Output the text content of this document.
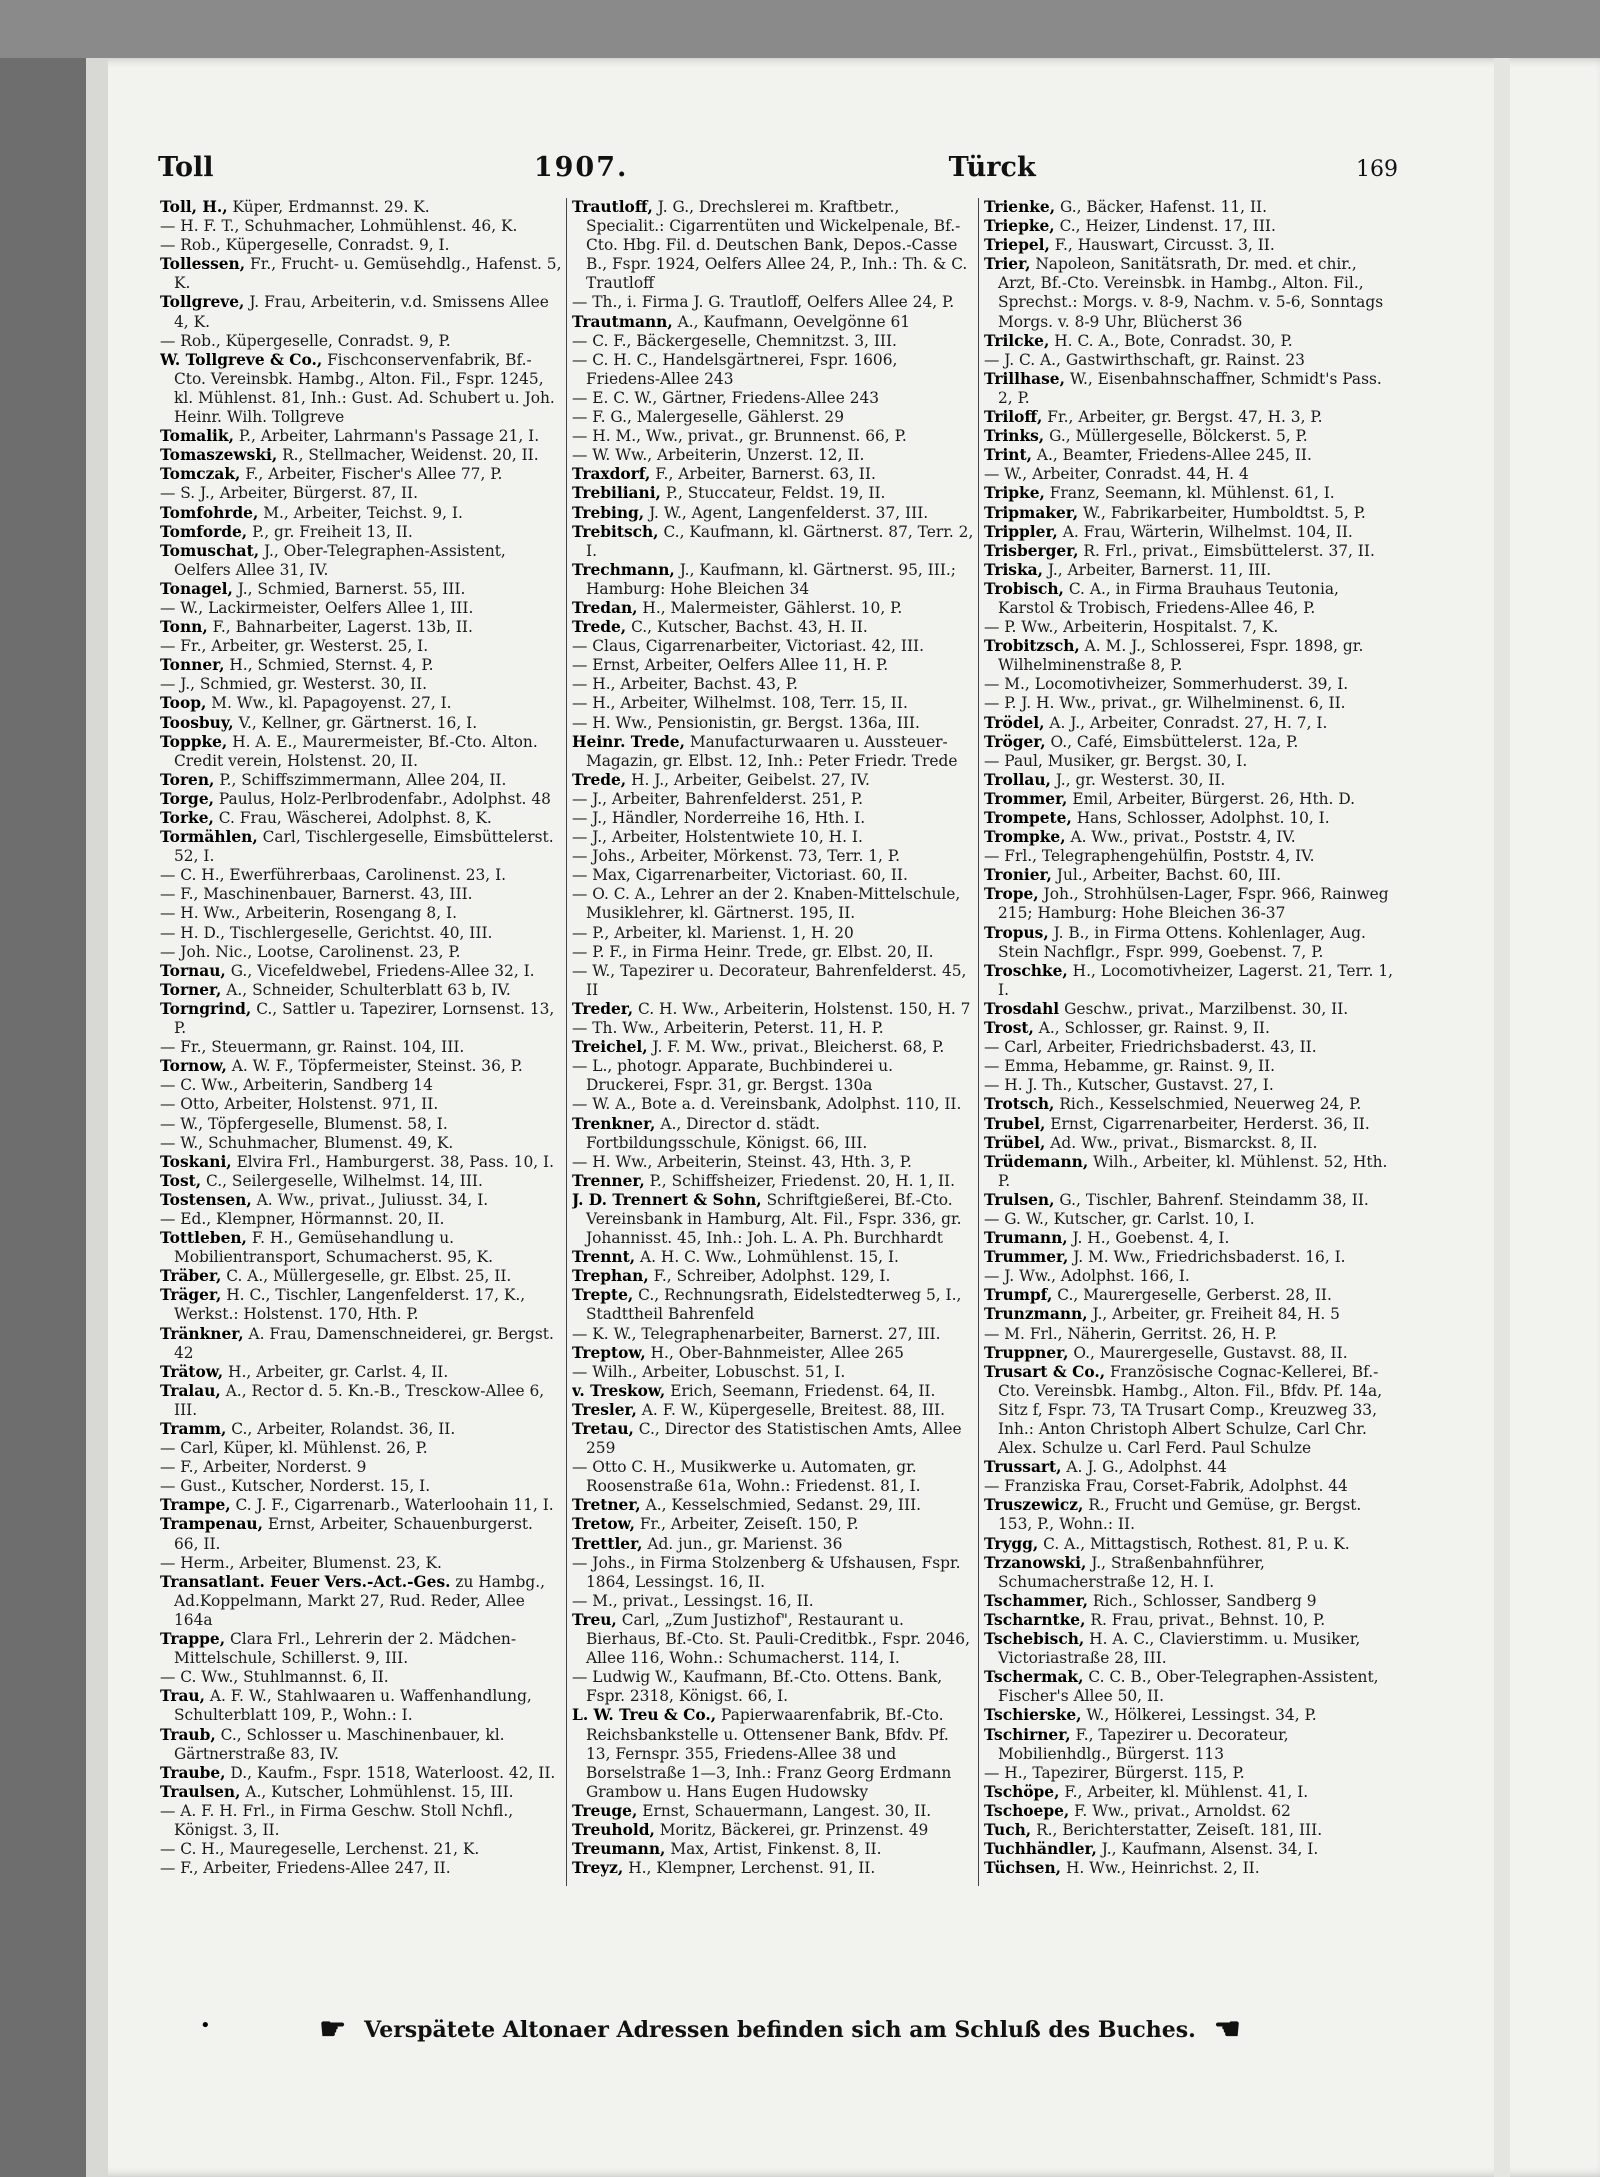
Toll	1907.	Türck	169

Toll, H., Küper, Erdmannst. 29. K.

— H. F. T., Schuhmacher, Lohmühlenst. 46, K.

— Rob., Küpergeselle, Conradst. 9, I.

Tollessen, Fr., Frucht- u. Gemüsehdlg., Hafenst. 5, K.

Tollgreve, J. Frau, Arbeiterin, v.d. Smissens Allee 4, K.

— Rob., Küpergeselle, Conradst. 9, P.

W. Tollgreve & Co., Fischconservenfabrik, Bf.-Cto. Vereinsbk. Hambg., Alton. Fil., Fspr. 1245, kl. Mühlenst. 81, Inh.: Gust. Ad. Schubert u. Joh. Heinr. Wilh. Tollgreve

Tomalik, P., Arbeiter, Lahrmann's Passage 21, I.

Tomaszewski, R., Stellmacher, Weidenst. 20, II.

Tomczak, F., Arbeiter, Fischer's Allee 77, P.

— S. J., Arbeiter, Bürgerst. 87, II.

Tomfohrde, M., Arbeiter, Teichst. 9, I.

Tomforde, P., gr. Freiheit 13, II.

Tomuschat, J., Ober-Telegraphen-Assistent, Oelfers Allee 31, IV.

Tonagel, J., Schmied, Barnerst. 55, III.

— W., Lackirmeister, Oelfers Allee 1, III.

Tonn, F., Bahnarbeiter, Lagerst. 13b, II.

— Fr., Arbeiter, gr. Westerst. 25, I.

Tonner, H., Schmied, Sternst. 4, P.

— J., Schmied, gr. Westerst. 30, II.

Toop, M. Ww., kl. Papagoyenst. 27, I.

Toosbuy, V., Kellner, gr. Gärtnerst. 16, I.

Toppke, H. A. E., Maurermeister, Bf.-Cto. Alton. Credit verein, Holstenst. 20, II.

Toren, P., Schiffszimmermann, Allee 204, II.

Torge, Paulus, Holz-Perlbrodenfabr., Adolphst. 48

Torke, C. Frau, Wäscherei, Adolphst. 8, K.

Tormählen, Carl, Tischlergeselle, Eimsbüttelerst. 52, I.

— C. H., Ewerführerbaas, Carolinenst. 23, I.

— F., Maschinenbauer, Barnerst. 43, III.

— H. Ww., Arbeiterin, Rosengang 8, I.

— H. D., Tischlergeselle, Gerichtst. 40, III.

— Joh. Nic., Lootse, Carolinenst. 23, P.

Tornau, G., Vicefeldwebel, Friedens-Allee 32, I.

Torner, A., Schneider, Schulterblatt 63 b, IV.

Torngrind, C., Sattler u. Tapezirer, Lornsenst. 13, P.

— Fr., Steuermann, gr. Rainst. 104, III.

Tornow, A. W. F., Töpfermeister, Steinst. 36, P.

— C. Ww., Arbeiterin, Sandberg 14

— Otto, Arbeiter, Holstenst. 971, II.

— W., Töpfergeselle, Blumenst. 58, I.

— W., Schuhmacher, Blumenst. 49, K.

Toskani, Elvira Frl., Hamburgerst. 38, Pass. 10, I.

Tost, C., Seilergeselle, Wilhelmst. 14, III.

Tostensen, A. Ww., privat., Juliusst. 34, I.

— Ed., Klempner, Hörmannst. 20, II.

Tottleben, F. H., Gemüsehandlung u. Mobilientransport, Schumacherst. 95, K.

Träber, C. A., Müllergeselle, gr. Elbst. 25, II.

Träger, H. C., Tischler, Langenfelderst. 17, K., Werkst.: Holstenst. 170, Hth. P.

Tränkner, A. Frau, Damenschneiderei, gr. Bergst. 42

Trätow, H., Arbeiter, gr. Carlst. 4, II.

Tralau, A., Rector d. 5. Kn.-B., Tresckow-Allee 6, III.

Tramm, C., Arbeiter, Rolandst. 36, II.

— Carl, Küper, kl. Mühlenst. 26, P.

— F., Arbeiter, Norderst. 9

— Gust., Kutscher, Norderst. 15, I.

Trampe, C. J. F., Cigarrenarb., Waterloohain 11, I.

Trampenau, Ernst, Arbeiter, Schauenburgerst. 66, II.

— Herm., Arbeiter, Blumenst. 23, K.

Transatlant. Feuer Vers.-Act.-Ges. zu Hambg., Ad.Koppelmann, Markt 27, Rud. Reder, Allee 164a

Trappe, Clara Frl., Lehrerin der 2. Mädchen-Mittelschule, Schillerst. 9, III.

— C. Ww., Stuhlmannst. 6, II.

Trau, A. F. W., Stahlwaaren u. Waffenhandlung, Schulterblatt 109, P., Wohn.: I.

Traub, C., Schlosser u. Maschinenbauer, kl. Gärtnerstraße 83, IV.

Traube, D., Kaufm., Fspr. 1518, Waterloost. 42, II.

Traulsen, A., Kutscher, Lohmühlenst. 15, III.

— A. F. H. Frl., in Firma Geschw. Stoll Nchfl., Königst. 3, II.

— C. H., Mauregeselle, Lerchenst. 21, K.

— F., Arbeiter, Friedens-Allee 247, II.

Trautloff, J. G., Drechslerei m. Kraftbetr., Specialit.: Cigarrentüten und Wickelpenale, Bf.-Cto. Hbg. Fil. d. Deutschen Bank, Depos.-Casse B., Fspr. 1924, Oelfers Allee 24, P., Inh.: Th. & C. Trautloff

— Th., i. Firma J. G. Trautloff, Oelfers Allee 24, P.

Trautmann, A., Kaufmann, Oevelgönne 61

— C. F., Bäckergeselle, Chemnitzst. 3, III.

— C. H. C., Handelsgärtnerei, Fspr. 1606, Friedens-Allee 243

— E. C. W., Gärtner, Friedens-Allee 243

— F. G., Malergeselle, Gählerst. 29

— H. M., Ww., privat., gr. Brunnenst. 66, P.

— W. Ww., Arbeiterin, Unzerst. 12, II.

Traxdorf, F., Arbeiter, Barnerst. 63, II.

Trebiliani, P., Stuccateur, Feldst. 19, II.

Trebing, J. W., Agent, Langenfelderst. 37, III.

Trebitsch, C., Kaufmann, kl. Gärtnerst. 87, Terr. 2, I.

Trechmann, J., Kaufmann, kl. Gärtnerst. 95, III.; Hamburg: Hohe Bleichen 34

Tredan, H., Malermeister, Gählerst. 10, P.

Trede, C., Kutscher, Bachst. 43, H. II.

— Claus, Cigarrenarbeiter, Victoriast. 42, III.

— Ernst, Arbeiter, Oelfers Allee 11, H. P.

— H., Arbeiter, Bachst. 43, P.

— H., Arbeiter, Wilhelmst. 108, Terr. 15, II.

— H. Ww., Pensionistin, gr. Bergst. 136a, III.

Heinr. Trede, Manufacturwaaren u. Aussteuer-Magazin, gr. Elbst. 12, Inh.: Peter Friedr. Trede

Trede, H. J., Arbeiter, Geibelst. 27, IV.

— J., Arbeiter, Bahrenfelderst. 251, P.

— J., Händler, Norderreihe 16, Hth. I.

— J., Arbeiter, Holstentwiete 10, H. I.

— Johs., Arbeiter, Mörkenst. 73, Terr. 1, P.

— Max, Cigarrenarbeiter, Victoriast. 60, II.

— O. C. A., Lehrer an der 2. Knaben-Mittelschule, Musiklehrer, kl. Gärtnerst. 195, II.

— P., Arbeiter, kl. Marienst. 1, H. 20

— P. F., in Firma Heinr. Trede, gr. Elbst. 20, II.

— W., Tapezirer u. Decorateur, Bahrenfelderst. 45, II

Treder, C. H. Ww., Arbeiterin, Holstenst. 150, H. 7

— Th. Ww., Arbeiterin, Peterst. 11, H. P.

Treichel, J. F. M. Ww., privat., Bleicherst. 68, P.

— L., photogr. Apparate, Buchbinderei u. Druckerei, Fspr. 31, gr. Bergst. 130a

— W. A., Bote a. d. Vereinsbank, Adolphst. 110, II.

Trenkner, A., Director d. städt. Fortbildungsschule, Königst. 66, III.

— H. Ww., Arbeiterin, Steinst. 43, Hth. 3, P.

Trenner, P., Schiffsheizer, Friedenst. 20, H. 1, II.

J. D. Trennert & Sohn, Schriftgießerei, Bf.-Cto. Vereinsbank in Hamburg, Alt. Fil., Fspr. 336, gr. Johannisst. 45, Inh.: Joh. L. A. Ph. Burchhardt

Trennt, A. H. C. Ww., Lohmühlenst. 15, I.

Trephan, F., Schreiber, Adolphst. 129, I.

Trepte, C., Rechnungsrath, Eidelstedterweg 5, I., Stadttheil Bahrenfeld

— K. W., Telegraphenarbeiter, Barnerst. 27, III.

Treptow, H., Ober-Bahnmeister, Allee 265

— Wilh., Arbeiter, Lobuschst. 51, I.

v. Treskow, Erich, Seemann, Friedenst. 64, II.

Tresler, A. F. W., Küpergeselle, Breitest. 88, III.

Tretau, C., Director des Statistischen Amts, Allee 259

— Otto C. H., Musikwerke u. Automaten, gr. Roosenstraße 61a, Wohn.: Friedenst. 81, I.

Tretner, A., Kesselschmied, Sedanst. 29, III.

Tretow, Fr., Arbeiter, Zeiseſt. 150, P.

Trettler, Ad. jun., gr. Marienst. 36

— Johs., in Firma Stolzenberg & Ufshausen, Fspr. 1864, Lessingst. 16, II.

— M., privat., Lessingst. 16, II.

Treu, Carl, „Zum Justizhof", Restaurant u. Bierhaus, Bf.-Cto. St. Pauli-Creditbk., Fspr. 2046, Allee 116, Wohn.: Schumacherst. 114, I.

— Ludwig W., Kaufmann, Bf.-Cto. Ottens. Bank, Fspr. 2318, Königst. 66, I.

L. W. Treu & Co., Papierwaarenfabrik, Bf.-Cto. Reichsbankstelle u. Ottensener Bank, Bfdv. Pf. 13, Fernspr. 355, Friedens-Allee 38 und Borselstraße 1—3, Inh.: Franz Georg Erdmann Grambow u. Hans Eugen Hudowsky

Treuge, Ernst, Schauermann, Langest. 30, II.

Treuhold, Moritz, Bäckerei, gr. Prinzenst. 49

Treumann, Max, Artist, Finkenst. 8, II.

Treyz, H., Klempner, Lerchenst. 91, II.

Trienke, G., Bäcker, Hafenst. 11, II.

Triepke, C., Heizer, Lindenst. 17, III.

Triepel, F., Hauswart, Circusst. 3, II.

Trier, Napoleon, Sanitätsrath, Dr. med. et chir., Arzt, Bf.-Cto. Vereinsbk. in Hambg., Alton. Fil., Sprechst.: Morgs. v. 8-9, Nachm. v. 5-6, Sonntags Morgs. v. 8-9 Uhr, Blücherst 36

Trilcke, H. C. A., Bote, Conradst. 30, P.

— J. C. A., Gastwirthschaft, gr. Rainst. 23

Trillhase, W., Eisenbahnschaffner, Schmidt's Pass. 2, P.

Triloff, Fr., Arbeiter, gr. Bergst. 47, H. 3, P.

Trinks, G., Müllergeselle, Bölckerst. 5, P.

Trint, A., Beamter, Friedens-Allee 245, II.

— W., Arbeiter, Conradst. 44, H. 4

Tripke, Franz, Seemann, kl. Mühlenst. 61, I.

Tripmaker, W., Fabrikarbeiter, Humboldtst. 5, P.

Trippler, A. Frau, Wärterin, Wilhelmst. 104, II.

Trisberger, R. Frl., privat., Eimsbüttelerst. 37, II.

Triska, J., Arbeiter, Barnerst. 11, III.

Trobisch, C. A., in Firma Brauhaus Teutonia, Karstol & Trobisch, Friedens-Allee 46, P.

— P. Ww., Arbeiterin, Hospitalst. 7, K.

Trobitzsch, A. M. J., Schlosserei, Fspr. 1898, gr. Wilhelminenstraße 8, P.

— M., Locomotivheizer, Sommerhuderst. 39, I.

— P. J. H. Ww., privat., gr. Wilhelminenst. 6, II.

Trödel, A. J., Arbeiter, Conradst. 27, H. 7, I.

Tröger, O., Café, Eimsbüttelerst. 12a, P.

— Paul, Musiker, gr. Bergst. 30, I.

Trollau, J., gr. Westerst. 30, II.

Trommer, Emil, Arbeiter, Bürgerst. 26, Hth. D.

Trompete, Hans, Schlosser, Adolphst. 10, I.

Trompke, A. Ww., privat., Poststr. 4, IV.

— Frl., Telegraphengehülfin, Poststr. 4, IV.

Tronier, Jul., Arbeiter, Bachst. 60, III.

Trope, Joh., Strohhülsen-Lager, Fspr. 966, Rainweg 215; Hamburg: Hohe Bleichen 36-37

Tropus, J. B., in Firma Ottens. Kohlenlager, Aug. Stein Nachflgr., Fspr. 999, Goebenst. 7, P.

Troschke, H., Locomotivheizer, Lagerst. 21, Terr. 1, I.

Trosdahl Geschw., privat., Marzilbenst. 30, II.

Trost, A., Schlosser, gr. Rainst. 9, II.

— Carl, Arbeiter, Friedrichsbaderst. 43, II.

— Emma, Hebamme, gr. Rainst. 9, II.

— H. J. Th., Kutscher, Gustavst. 27, I.

Trotsch, Rich., Kesselschmied, Neuerweg 24, P.

Trubel, Ernst, Cigarrenarbeiter, Herderst. 36, II.

Trübel, Ad. Ww., privat., Bismarckst. 8, II.

Trüdemann, Wilh., Arbeiter, kl. Mühlenst. 52, Hth. P.

Trulsen, G., Tischler, Bahrenf. Steindamm 38, II.

— G. W., Kutscher, gr. Carlst. 10, I.

Trumann, J. H., Goebenst. 4, I.

Trummer, J. M. Ww., Friedrichsbaderst. 16, I.

— J. Ww., Adolphst. 166, I.

Trumpf, C., Maurergeselle, Gerberst. 28, II.

Trunzmann, J., Arbeiter, gr. Freiheit 84, H. 5

— M. Frl., Näherin, Gerritst. 26, H. P.

Truppner, O., Maurergeselle, Gustavst. 88, II.

Trusart & Co., Französische Cognac-Kellerei, Bf.-Cto. Vereinsbk. Hambg., Alton. Fil., Bfdv. Pf. 14a, Sitz f, Fspr. 73, TA Trusart Comp., Kreuzweg 33, Inh.: Anton Christoph Albert Schulze, Carl Chr. Alex. Schulze u. Carl Ferd. Paul Schulze

Trussart, A. J. G., Adolphst. 44

— Franziska Frau, Corset-Fabrik, Adolphst. 44

Truszewicz, R., Frucht und Gemüse, gr. Bergst. 153, P., Wohn.: II.

Trygg, C. A., Mittagstisch, Rothest. 81, P. u. K.

Trzanowski, J., Straßenbahnführer, Schumacherstraße 12, H. I.

Tschammer, Rich., Schlosser, Sandberg 9

Tscharntke, R. Frau, privat., Behnst. 10, P.

Tschebisch, H. A. C., Clavierstimm. u. Musiker, Victoriastraße 28, III.

Tschermak, C. C. B., Ober-Telegraphen-Assistent, Fischer's Allee 50, II.

Tschierske, W., Hölkerei, Lessingst. 34, P.

Tschirner, F., Tapezirer u. Decorateur, Mobilienhdlg., Bürgerst. 113

— H., Tapezirer, Bürgerst. 115, P.

Tschöpe, F., Arbeiter, kl. Mühlenst. 41, I.

Tschoepe, F. Ww., privat., Arnoldst. 62

Tuch, R., Berichterstatter, Zeiseſt. 181, III.

Tuchhändler, J., Kaufmann, Alsenst. 34, I.

Tüchsen, H. Ww., Heinrichst. 2, II.

•	☛ Verspätete Altonaer Adressen befinden sich am Schluß des Buches. ☚
